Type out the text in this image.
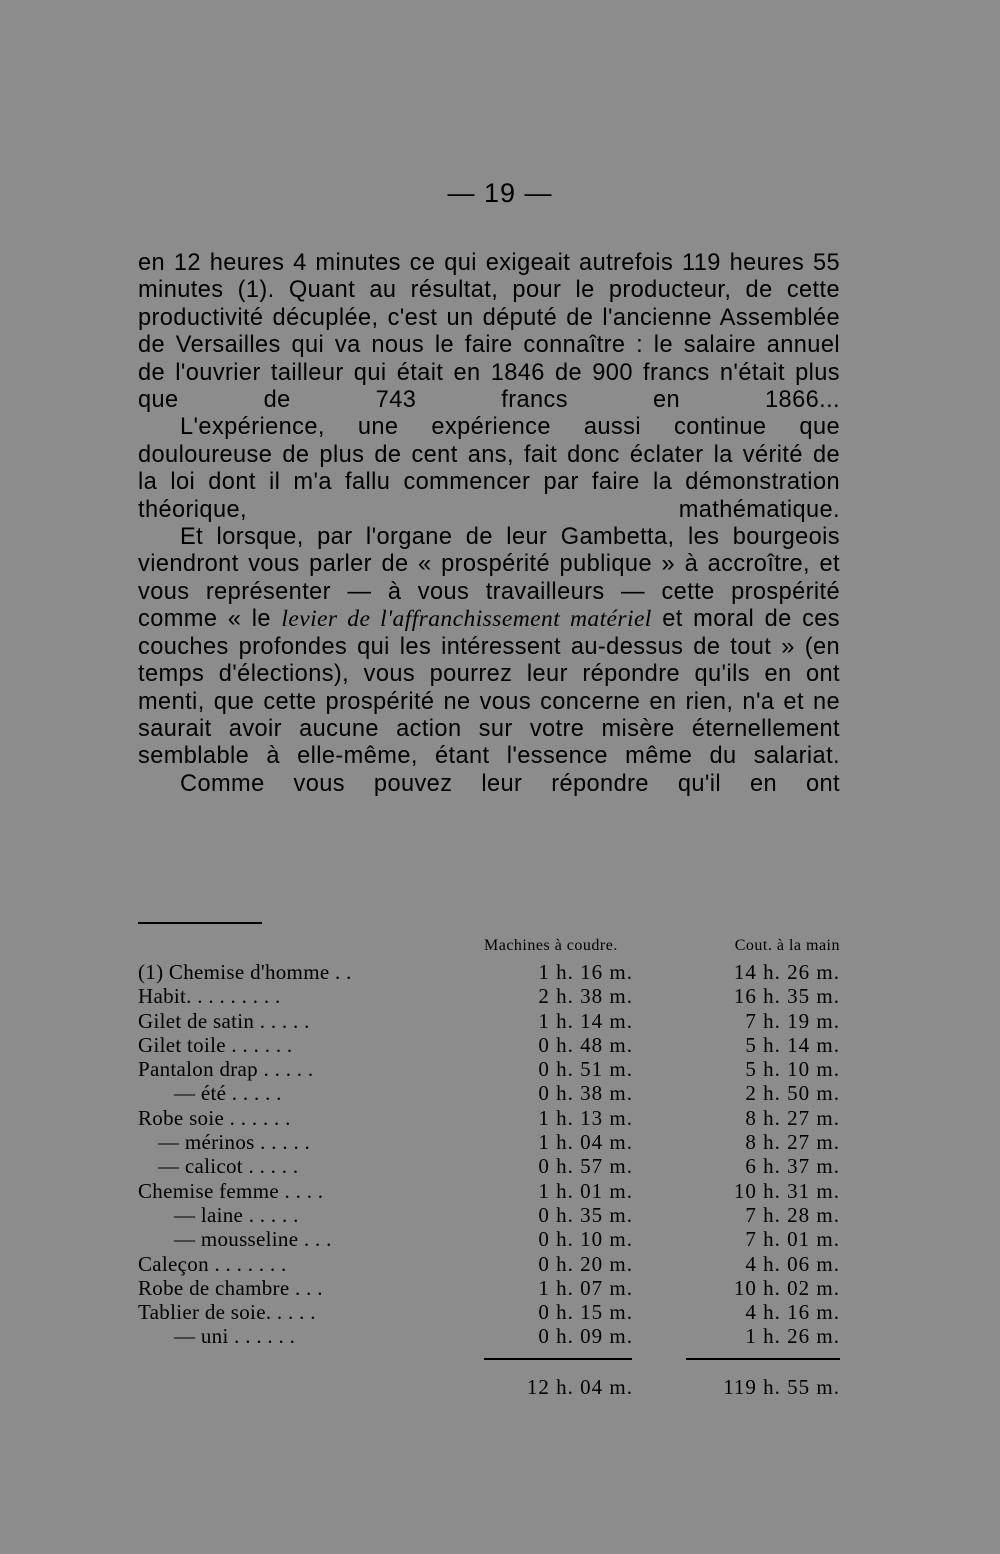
— 19 —

en 12 heures 4 minutes ce qui exigeait autrefois 119 heures 55 minutes (1). Quant au résultat, pour le producteur, de cette productivité décuplée, c'est un député de l'ancienne Assemblée de Versailles qui va nous le faire connaître : le salaire annuel de l'ouvrier tailleur qui était en 1846 de 900 francs n'était plus que de 743 francs en 1866...

L'expérience, une expérience aussi continue que douloureuse de plus de cent ans, fait donc éclater la vérité de la loi dont il m'a fallu commencer par faire la démonstration théorique, mathématique.

Et lorsque, par l'organe de leur Gambetta, les bourgeois viendront vous parler de « prospérité publique » à accroître, et vous représenter — à vous travailleurs — cette prospérité comme « le levier de l'affranchissement matériel et moral de ces couches profondes qui les intéressent au-dessus de tout » (en temps d'élections), vous pourrez leur répondre qu'ils en ont menti, que cette prospérité ne vous concerne en rien, n'a et ne saurait avoir aucune action sur votre misère éternellement semblable à elle-même, étant l'essence même du salariat.

Comme vous pouvez leur répondre qu'il en ont

Machines à coudre.	Cout. à la main
(1) Chemise d'homme . .	1 h. 16 m.	14 h. 26 m.
Habit. . . . . . . . .	2 h. 38 m.	16 h. 35 m.
Gilet de satin . . . . .	1 h. 14 m.	7 h. 19 m.
Gilet toile . . . . . .	0 h. 48 m.	5 h. 14 m.
Pantalon drap . . . . .	0 h. 51 m.	5 h. 10 m.
— été . . . . .	0 h. 38 m.	2 h. 50 m.
Robe soie . . . . . .	1 h. 13 m.	8 h. 27 m.
— mérinos . . . . .	1 h. 04 m.	8 h. 27 m.
— calicot . . . . .	0 h. 57 m.	6 h. 37 m.
Chemise femme . . . .	1 h. 01 m.	10 h. 31 m.
— laine . . . . .	0 h. 35 m.	7 h. 28 m.
— mousseline . . .	0 h. 10 m.	7 h. 01 m.
Caleçon . . . . . . .	0 h. 20 m.	4 h. 06 m.
Robe de chambre . . .	1 h. 07 m.	10 h. 02 m.
Tablier de soie. . . . .	0 h. 15 m.	4 h. 16 m.
— uni . . . . . .	0 h. 09 m.	1 h. 26 m.
12 h. 04 m.	119 h. 55 m.
